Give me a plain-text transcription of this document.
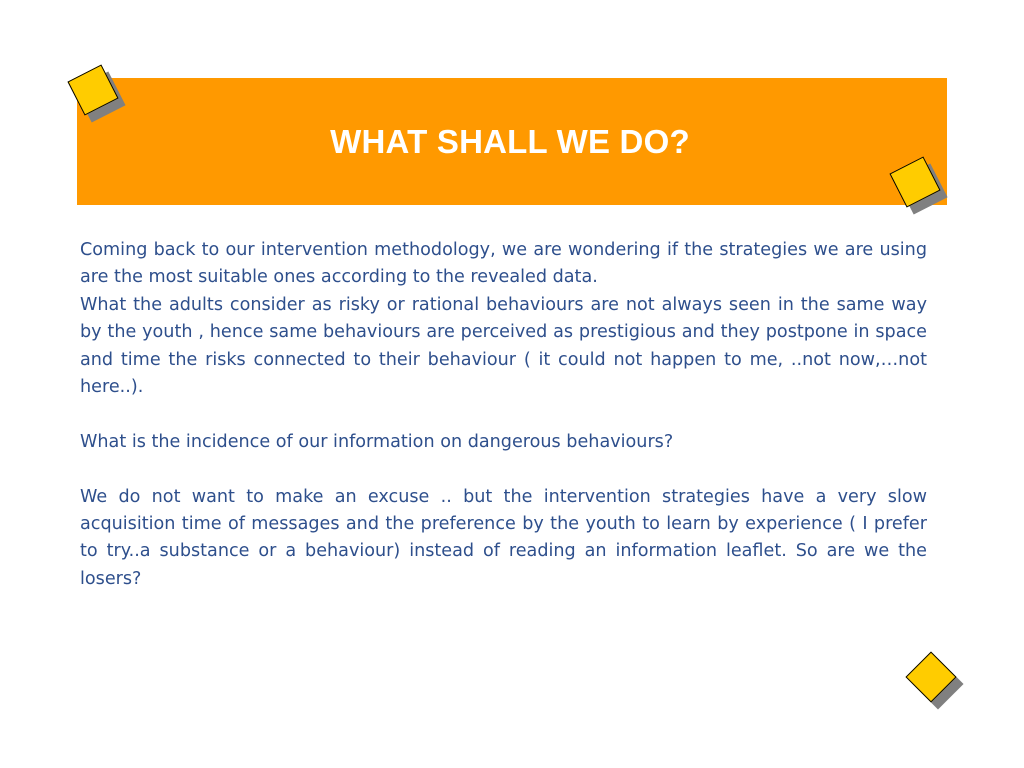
WHAT SHALL WE DO?

Coming back to our intervention methodology, we are wondering if the strategies we are using are the most suitable ones according to the revealed data.

What the adults consider as risky or rational behaviours are not always seen in the same way by the youth , hence same behaviours are perceived as prestigious and they postpone in space and time the risks connected to their behaviour ( it could not happen to me, ..not now,…not here..).

What is the incidence of our information on dangerous behaviours?

We do not want to make an excuse .. but the intervention strategies have a very slow acquisition time of messages and the preference by the youth to learn by experience ( I prefer to try..a substance or a behaviour) instead of reading an information leaflet. So are we the losers?
